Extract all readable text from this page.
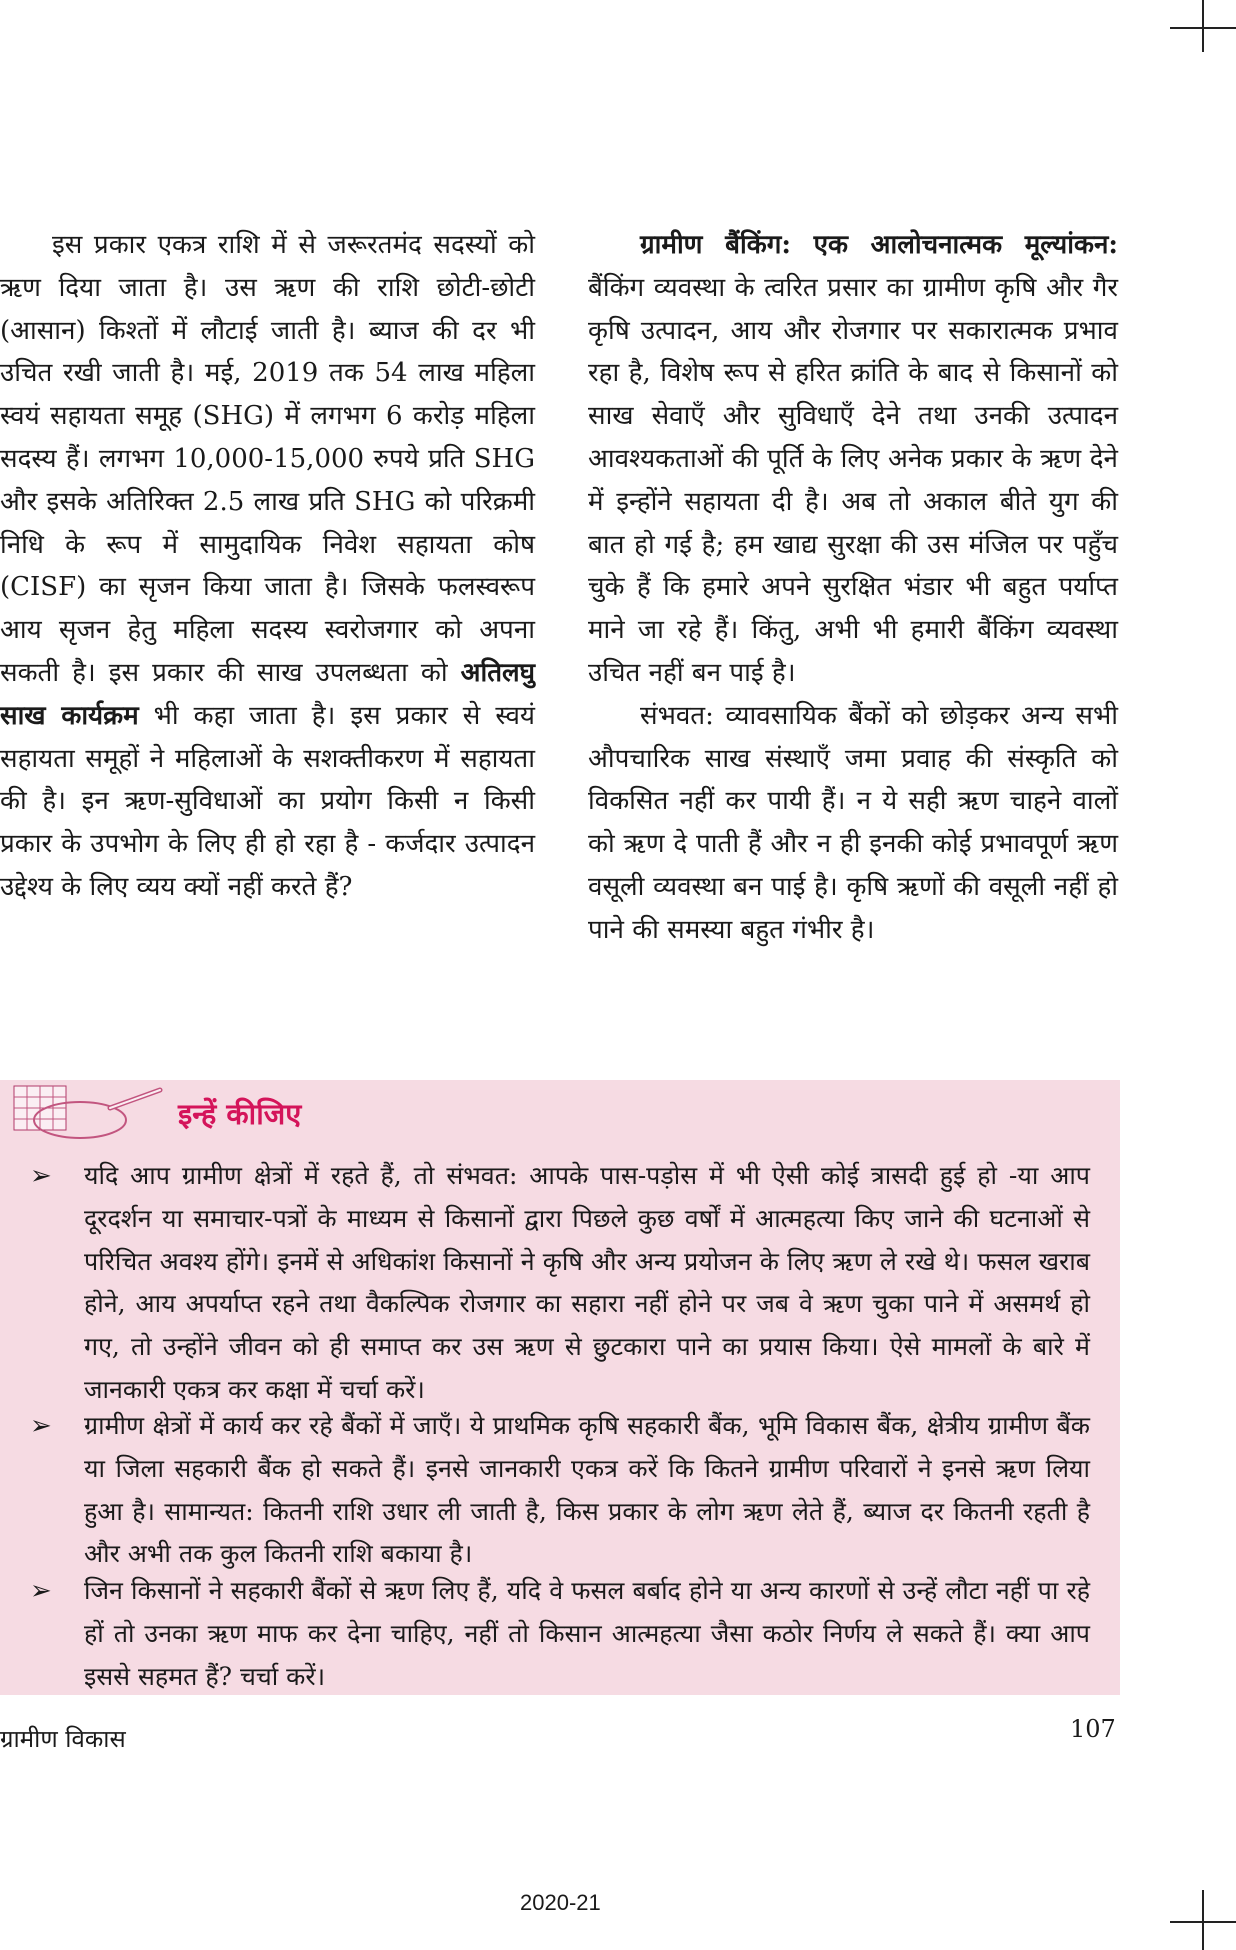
इस प्रकार एकत्र राशि में से जरूरतमंद सदस्यों को ऋण दिया जाता है। उस ऋण की राशि छोटी-छोटी (आसान) किश्तों में लौटाई जाती है। ब्याज की दर भी उचित रखी जाती है। मई, 2019 तक 54 लाख महिला स्वयं सहायता समूह (SHG) में लगभग 6 करोड़ महिला सदस्य हैं। लगभग 10,000-15,000 रुपये प्रति SHG और इसके अतिरिक्त 2.5 लाख प्रति SHG को परिक्रमी निधि के रूप में सामुदायिक निवेश सहायता कोष (CISF) का सृजन किया जाता है। जिसके फलस्वरूप आय सृजन हेतु महिला सदस्य स्वरोजगार को अपना सकती है। इस प्रकार की साख उपलब्धता को अतिलघु साख कार्यक्रम भी कहा जाता है। इस प्रकार से स्वयं सहायता समूहों ने महिलाओं के सशक्तीकरण में सहायता की है। इन ऋण-सुविधाओं का प्रयोग किसी न किसी प्रकार के उपभोग के लिए ही हो रहा है - कर्जदार उत्पादन उद्देश्य के लिए व्यय क्यों नहीं करते हैं?

ग्रामीण बैंकिंग: एक आलोचनात्मक मूल्यांकन: बैंकिंग व्यवस्था के त्वरित प्रसार का ग्रामीण कृषि और गैर कृषि उत्पादन, आय और रोजगार पर सकारात्मक प्रभाव रहा है, विशेष रूप से हरित क्रांति के बाद से किसानों को साख सेवाएँ और सुविधाएँ देने तथा उनकी उत्पादन आवश्यकताओं की पूर्ति के लिए अनेक प्रकार के ऋण देने में इन्होंने सहायता दी है। अब तो अकाल बीते युग की बात हो गई है; हम खाद्य सुरक्षा की उस मंजिल पर पहुँच चुके हैं कि हमारे अपने सुरक्षित भंडार भी बहुत पर्याप्त माने जा रहे हैं। किंतु, अभी भी हमारी बैंकिंग व्यवस्था उचित नहीं बन पाई है।

संभवत: व्यावसायिक बैंकों को छोड़कर अन्य सभी औपचारिक साख संस्थाएँ जमा प्रवाह की संस्कृति को विकसित नहीं कर पायी हैं। न ये सही ऋण चाहने वालों को ऋण दे पाती हैं और न ही इनकी कोई प्रभावपूर्ण ऋण वसूली व्यवस्था बन पाई है। कृषि ऋणों की वसूली नहीं हो पाने की समस्या बहुत गंभीर है।

इन्हें कीजिए
➢	यदि आप ग्रामीण क्षेत्रों में रहते हैं, तो संभवत: आपके पास-पड़ोस में भी ऐसी कोई त्रासदी हुई हो -या आप दूरदर्शन या समाचार-पत्रों के माध्यम से किसानों द्वारा पिछले कुछ वर्षों में आत्महत्या किए जाने की घटनाओं से परिचित अवश्य होंगे। इनमें से अधिकांश किसानों ने कृषि और अन्य प्रयोजन के लिए ऋण ले रखे थे। फसल खराब होने, आय अपर्याप्त रहने तथा वैकल्पिक रोजगार का सहारा नहीं होने पर जब वे ऋण चुका पाने में असमर्थ हो गए, तो उन्होंने जीवन को ही समाप्त कर उस ऋण से छुटकारा पाने का प्रयास किया। ऐसे मामलों के बारे में जानकारी एकत्र कर कक्षा में चर्चा करें।
➢	ग्रामीण क्षेत्रों में कार्य कर रहे बैंकों में जाएँ। ये प्राथमिक कृषि सहकारी बैंक, भूमि विकास बैंक, क्षेत्रीय ग्रामीण बैंक या जिला सहकारी बैंक हो सकते हैं। इनसे जानकारी एकत्र करें कि कितने ग्रामीण परिवारों ने इनसे ऋण लिया हुआ है। सामान्यत: कितनी राशि उधार ली जाती है, किस प्रकार के लोग ऋण लेते हैं, ब्याज दर कितनी रहती है और अभी तक कुल कितनी राशि बकाया है।
➢	जिन किसानों ने सहकारी बैंकों से ऋण लिए हैं, यदि वे फसल बर्बाद होने या अन्य कारणों से उन्हें लौटा नहीं पा रहे हों तो उनका ऋण माफ कर देना चाहिए, नहीं तो किसान आत्महत्या जैसा कठोर निर्णय ले सकते हैं। क्या आप इससे सहमत हैं? चर्चा करें।
ग्रामीण विकास	107
2020-21
